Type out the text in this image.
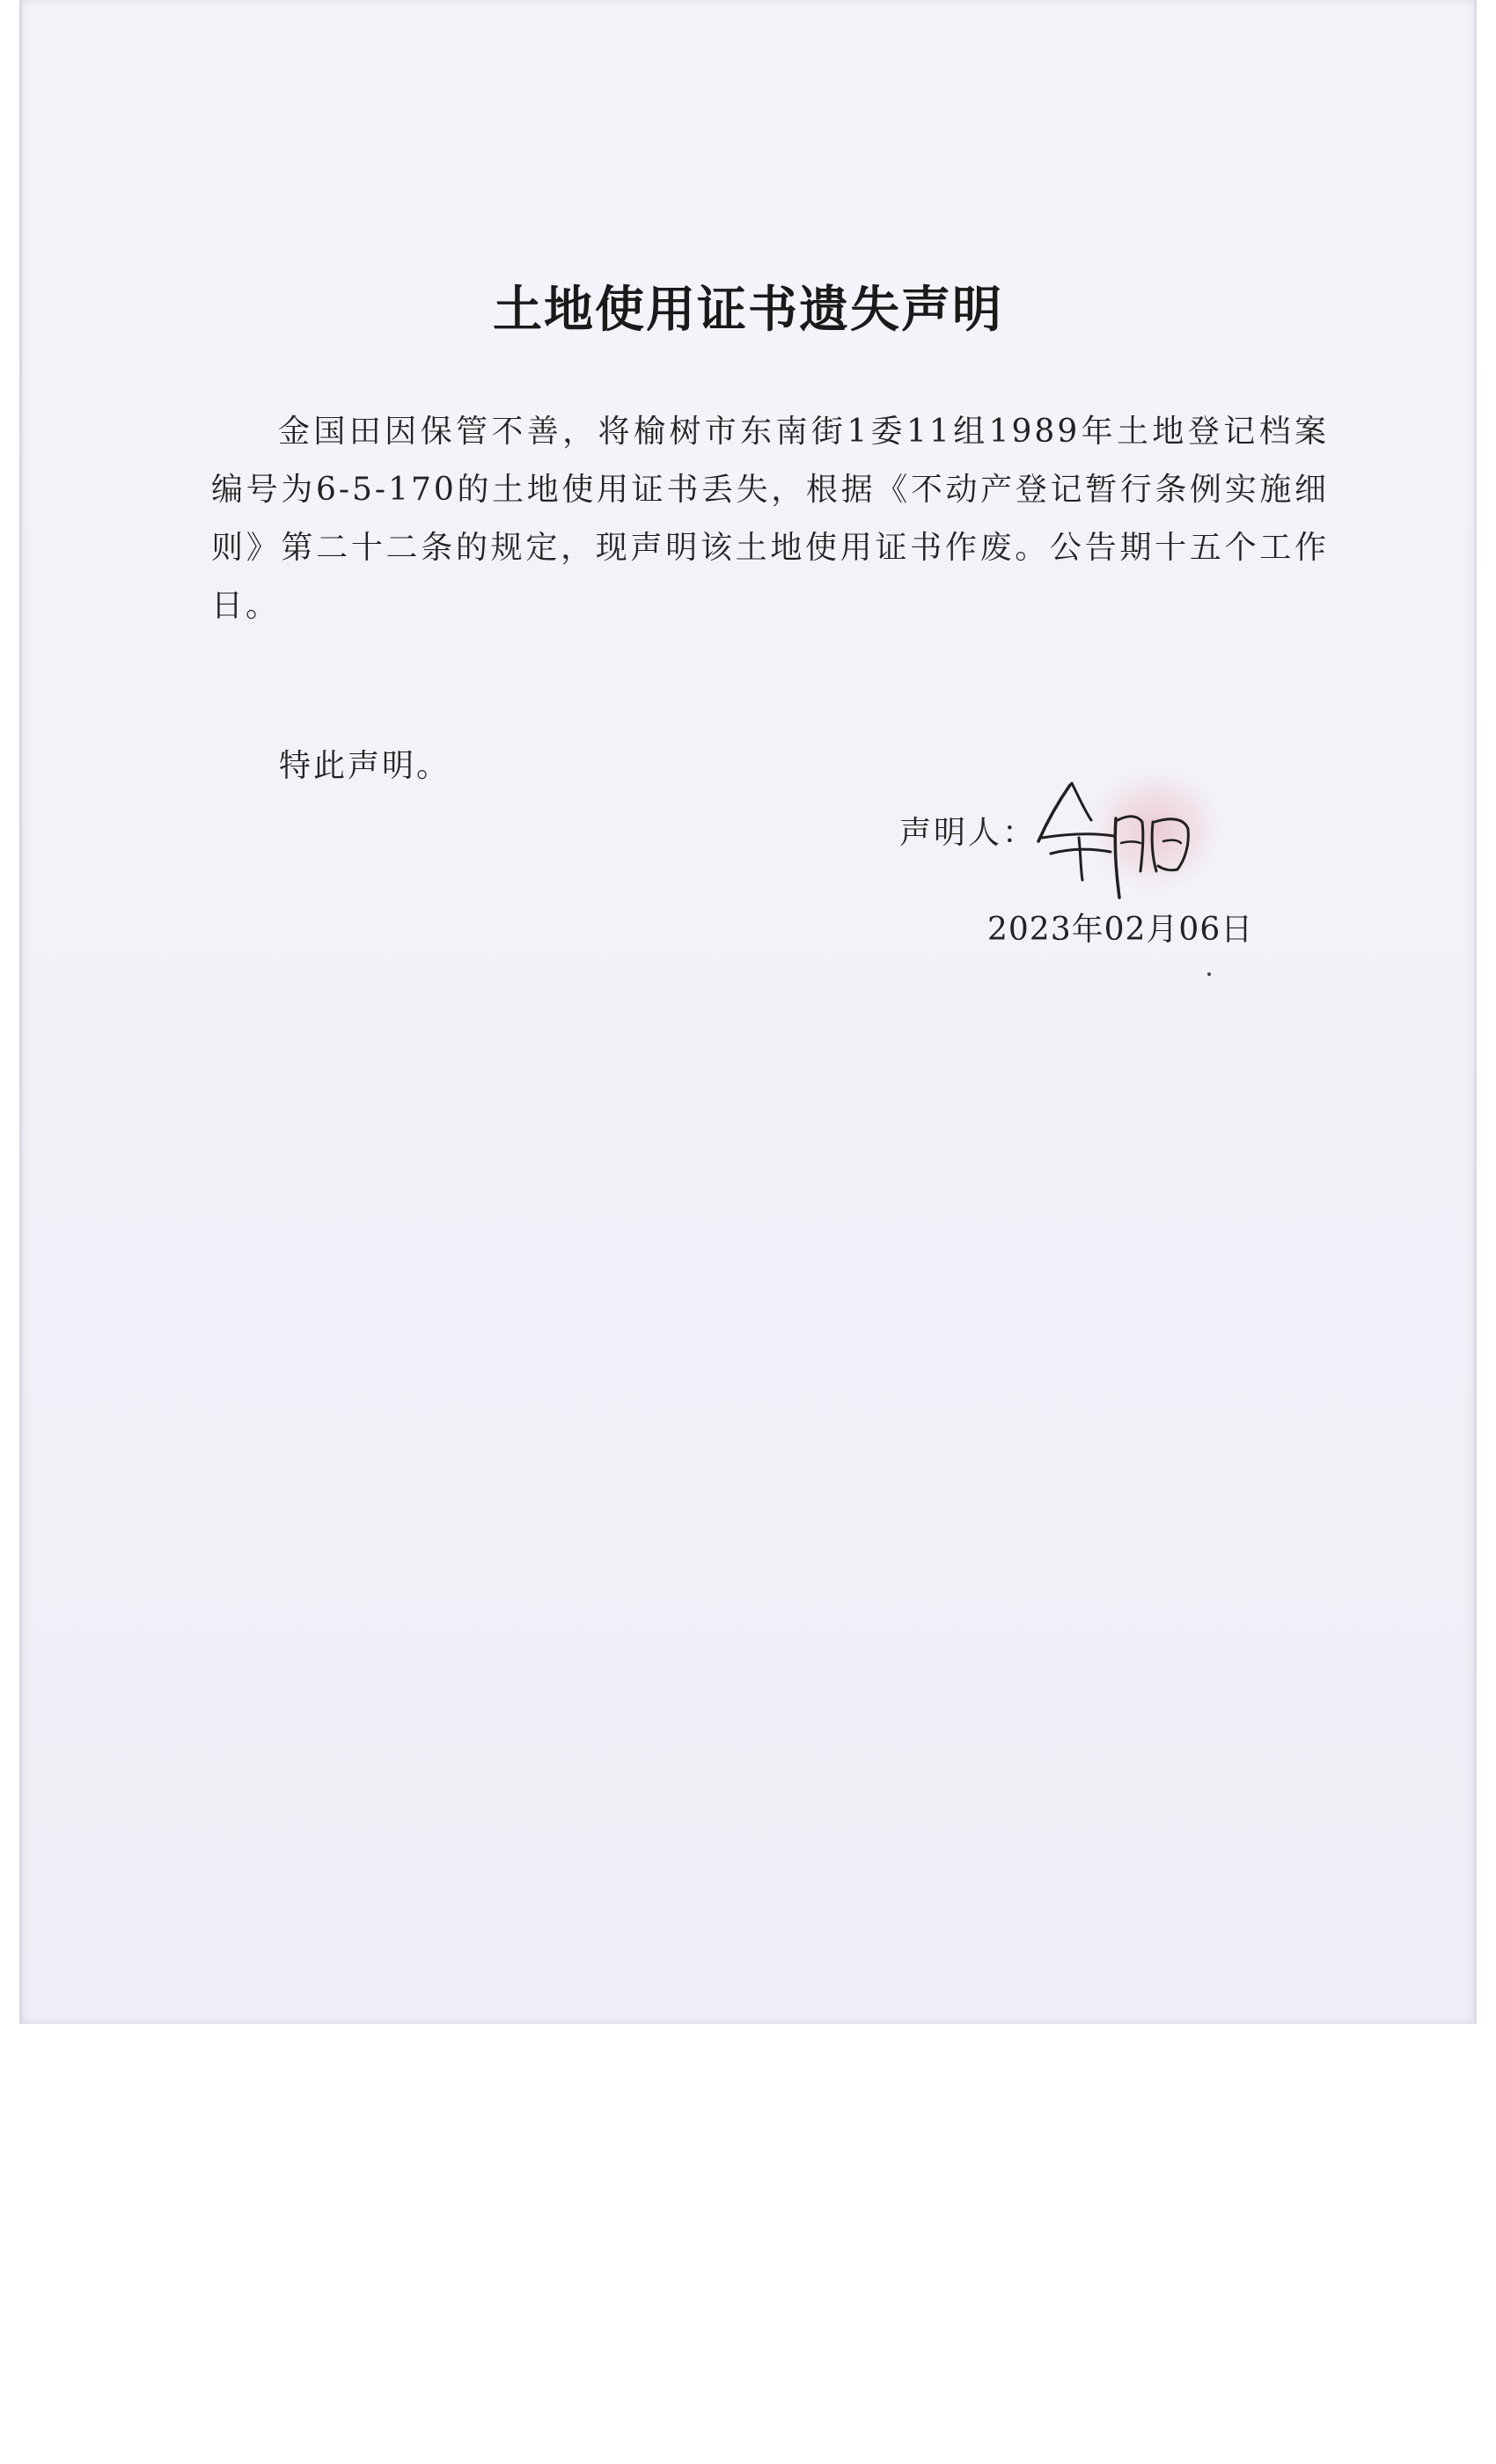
土地使用证书遗失声明
金国田因保管不善，将榆树市东南街1委11组1989年土地登记档案编号为6-5-170的土地使用证书丢失，根据《不动产登记暂行条例实施细则》第二十二条的规定，现声明该土地使用证书作废。公告期十五个工作日。
特此声明。
声明人：
2023年02月06日
